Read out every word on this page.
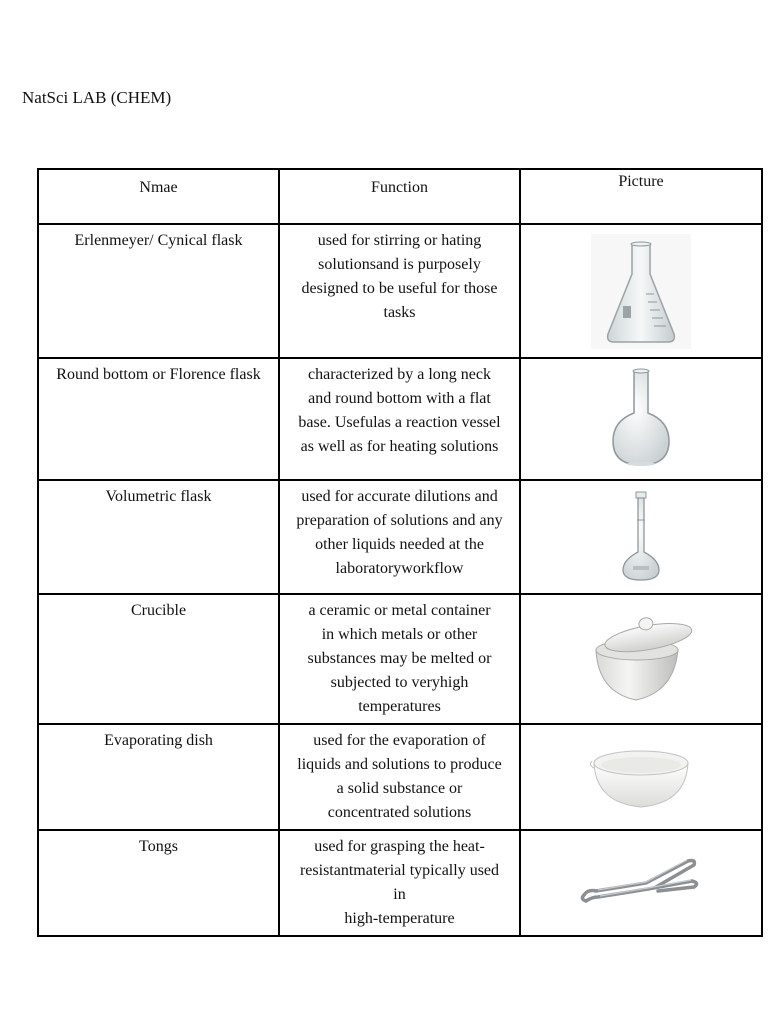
NatSci LAB (CHEM)
Nmae	Function	Picture

Erlenmeyer/ Cynical flask	used for stirring or hating
solutionsand is purposely
designed to be useful for those
tasks

Round bottom or Florence flask	characterized by a long neck
and round bottom with a flat
base. Usefulas a reaction vessel
as well as for heating solutions

Volumetric flask	used for accurate dilutions and
preparation of solutions and any
other liquids needed at the
laboratoryworkflow

Crucible	a ceramic or metal container
in which metals or other
substances may be melted or
subjected to veryhigh
temperatures

Evaporating dish	used for the evaporation of
liquids and solutions to produce
a solid substance or
concentrated solutions

Tongs	used for grasping the heat-
resistantmaterial typically used
in
high-temperature
